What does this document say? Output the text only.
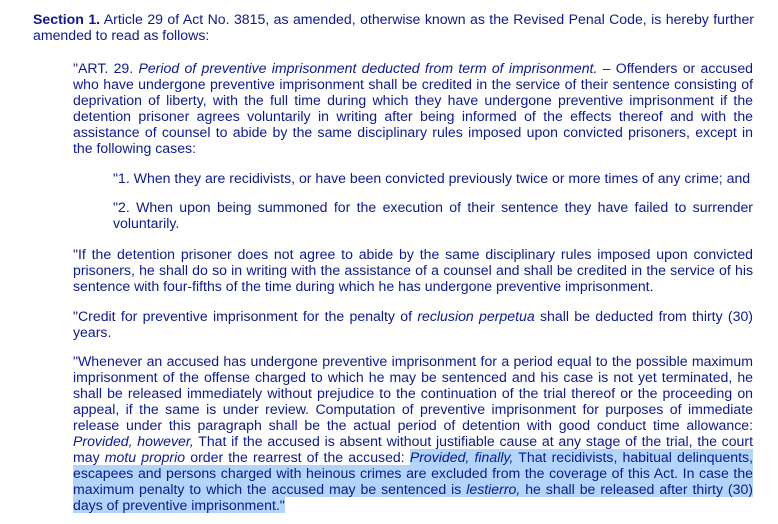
Section 1. Article 29 of Act No. 3815, as amended, otherwise known as the Revised Penal Code, is hereby further amended to read as follows:

"ART. 29. Period of preventive imprisonment deducted from term of imprisonment. – Offenders or accused who have undergone preventive imprisonment shall be credited in the service of their sentence consisting of deprivation of liberty, with the full time during which they have undergone preventive imprisonment if the detention prisoner agrees voluntarily in writing after being informed of the effects thereof and with the assistance of counsel to abide by the same disciplinary rules imposed upon convicted prisoners, except in the following cases:

"1. When they are recidivists, or have been convicted previously twice or more times of any crime; and

"2. When upon being summoned for the execution of their sentence they have failed to surrender voluntarily.

"If the detention prisoner does not agree to abide by the same disciplinary rules imposed upon convicted prisoners, he shall do so in writing with the assistance of a counsel and shall be credited in the service of his sentence with four-fifths of the time during which he has undergone preventive imprisonment.

"Credit for preventive imprisonment for the penalty of reclusion perpetua shall be deducted from thirty (30) years.

"Whenever an accused has undergone preventive imprisonment for a period equal to the possible maximum imprisonment of the offense charged to which he may be sentenced and his case is not yet terminated, he shall be released immediately without prejudice to the continuation of the trial thereof or the proceeding on appeal, if the same is under review. Computation of preventive imprisonment for purposes of immediate release under this paragraph shall be the actual period of detention with good conduct time allowance: Provided, however, That if the accused is absent without justifiable cause at any stage of the trial, the court may motu proprio order the rearrest of the accused: Provided, finally, That recidivists, habitual delinquents, escapees and persons charged with heinous crimes are excluded from the coverage of this Act. In case the maximum penalty to which the accused may be sentenced is lestierro, he shall be released after thirty (30) days of preventive imprisonment."
